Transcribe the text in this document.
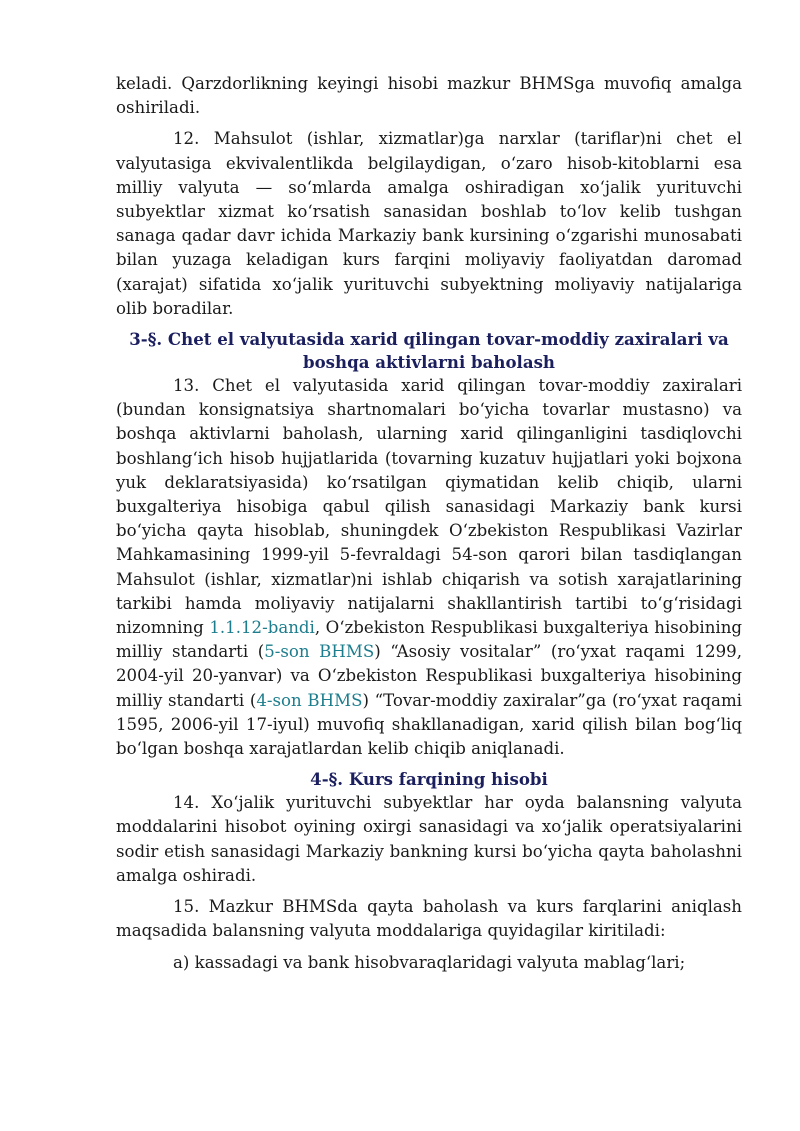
keladi. Qarzdorlikning keyingi hisobi mazkur BHMSga muvofiq amalga oshiriladi.

12. Mahsulot (ishlar, xizmatlar)ga narxlar (tariflar)ni chet el valyutasiga ekvivalentlikda belgilaydigan, oʻzaro hisob-kitoblarni esa milliy valyuta — soʻmlarda amalga oshiradigan xoʻjalik yurituvchi subyektlar xizmat koʻrsatish sanasidan boshlab toʻlov kelib tushgan sanaga qadar davr ichida Markaziy bank kursining oʻzgarishi munosabati bilan yuzaga keladigan kurs farqini moliyaviy faoliyatdan daromad (xarajat) sifatida xoʻjalik yurituvchi subyektning moliyaviy natijalariga olib boradilar.

3-§. Chet el valyutasida xarid qilingan tovar-moddiy zaxiralari va
boshqa aktivlarni baholash

13. Chet el valyutasida xarid qilingan tovar-moddiy zaxiralari (bundan konsignatsiya shartnomalari boʻyicha tovarlar mustasno) va boshqa aktivlarni baholash, ularning xarid qilinganligini tasdiqlovchi boshlangʻich hisob hujjatlarida (tovarning kuzatuv hujjatlari yoki bojxona yuk deklaratsiyasida) koʻrsatilgan qiymatidan kelib chiqib, ularni buxgalteriya hisobiga qabul qilish sanasidagi Markaziy bank kursi boʻyicha qayta hisoblab, shuningdek Oʻzbekiston Respublikasi Vazirlar Mahkamasining 1999-yil 5-fevraldagi 54-son qarori bilan tasdiqlangan Mahsulot (ishlar, xizmatlar)ni ishlab chiqarish va sotish xarajatlarining tarkibi hamda moliyaviy natijalarni shakllantirish tartibi toʻgʻrisidagi nizomning 1.1.12-bandi, Oʻzbekiston Respublikasi buxgalteriya hisobining milliy standarti (5-son BHMS) “Asosiy vositalar” (roʻyxat raqami 1299, 2004-yil 20-yanvar) va Oʻzbekiston Respublikasi buxgalteriya hisobining milliy standarti (4-son BHMS) “Tovar-moddiy zaxiralar”ga (roʻyxat raqami 1595, 2006-yil 17-iyul) muvofiq shakllanadigan, xarid qilish bilan bogʻliq boʻlgan boshqa xarajatlardan kelib chiqib aniqlanadi.

4-§. Kurs farqining hisobi

14. Xoʻjalik yurituvchi subyektlar har oyda balansning valyuta moddalarini hisobot oyining oxirgi sanasidagi va xoʻjalik operatsiyalarini sodir etish sanasidagi Markaziy bankning kursi boʻyicha qayta baholashni amalga oshiradi.

15. Mazkur BHMSda qayta baholash va kurs farqlarini aniqlash maqsadida balansning valyuta moddalariga quyidagilar kiritiladi:

a) kassadagi va bank hisobvaraqlaridagi valyuta mablagʻlari;
